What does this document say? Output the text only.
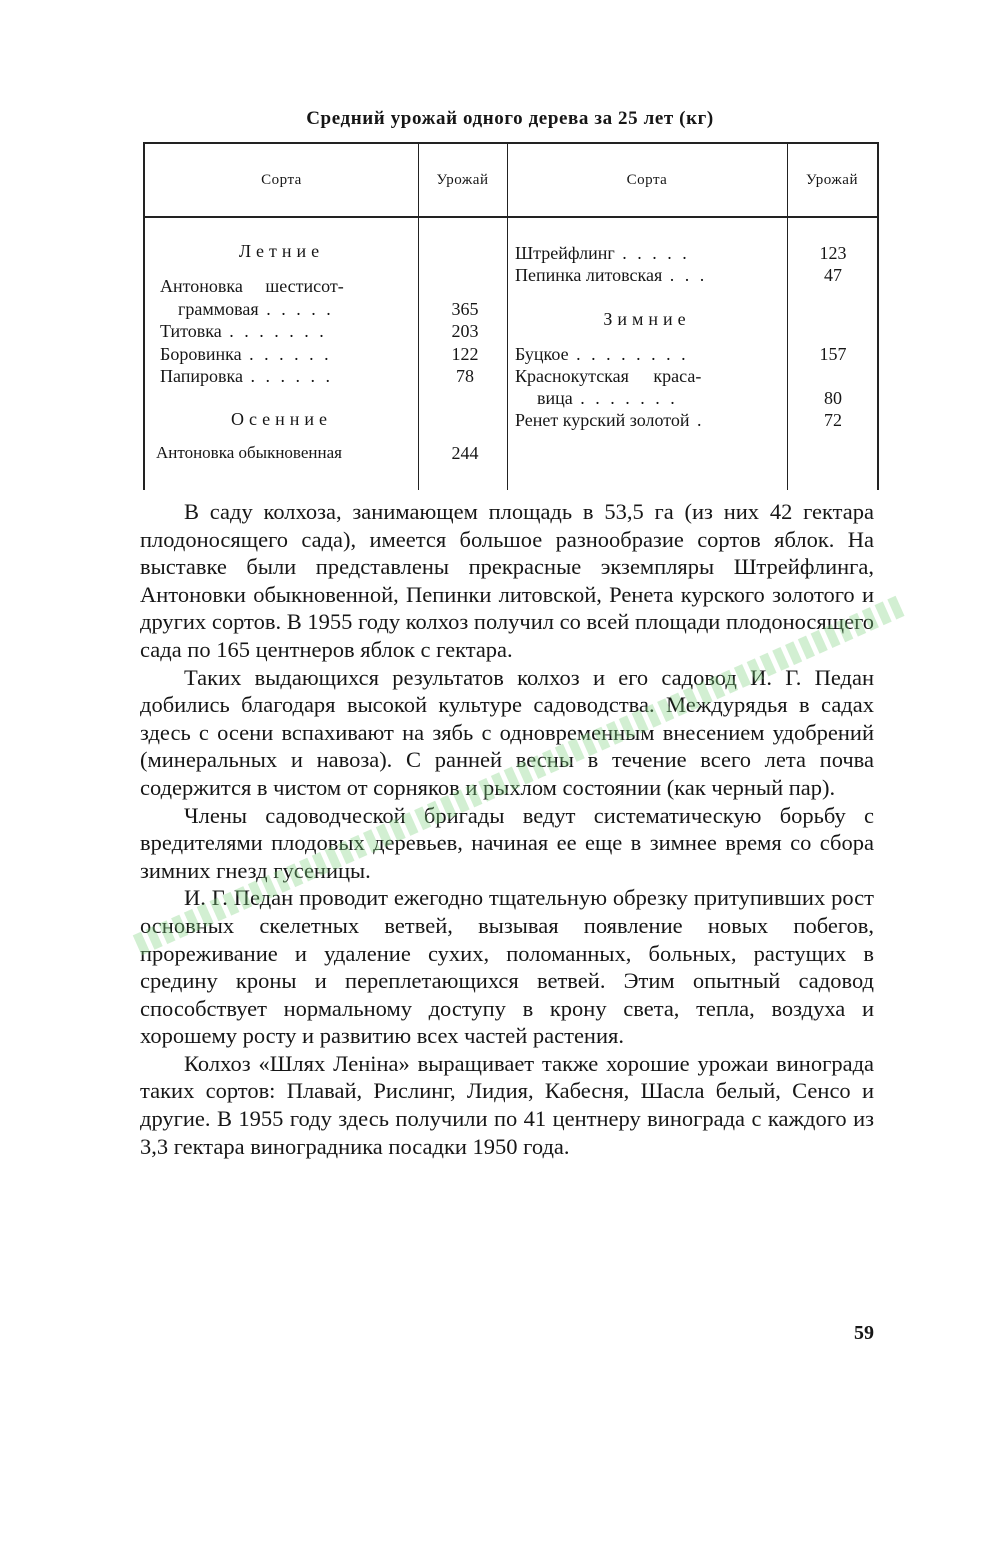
Средний урожай одного дерева за 25 лет (кг)
Сорта	Урожай	Сорта	Урожай
Летние
Антоновка шестисот-
граммовая . . . . .	365
Титовка . . . . . . .	203
Боровинка . . . . . .	122
Папировка . . . . . .	78
Осенние
Антоновка обыкновенная	244
Штрейфлинг . . . . .	123
Пепинка литовская . . .	47
Зимние
Буцкое . . . . . . . .	157
Краснокутская краса-
вица . . . . . . .	80
Ренет курский золотой .	72

В саду колхоза, занимающем площадь в 53,5 га (из них 42 гектара плодоносящего сада), имеется большое разнообразие сортов яблок. На выставке были представлены прекрасные экземпляры Штрейфлинга, Антоновки обыкновенной, Пепинки литовской, Ренета курского золотого и других сортов. В 1955 году колхоз получил со всей площади плодоносящего сада по 165 центнеров яблок с гектара.

Таких выдающихся результатов колхоз и его садовод И. Г. Педан добились благодаря высокой культуре садоводства. Междурядья в садах здесь с осени вспахивают на зябь с одновременным внесением удобрений (минеральных и навоза). С ранней весны в течение всего лета почва содержится в чистом от сорняков и рыхлом состоянии (как черный пар).

Члены садоводческой бригады ведут систематическую борьбу с вредителями плодовых деревьев, начиная ее еще в зимнее время со сбора зимних гнезд гусеницы.

И. Г. Педан проводит ежегодно тщательную обрезку притупивших рост основных скелетных ветвей, вызывая появление новых побегов, прореживание и удаление сухих, поломанных, больных, растущих в средину кроны и переплетающихся ветвей. Этим опытный садовод способствует нормальному доступу в крону света, тепла, воздуха и хорошему росту и развитию всех частей растения.

Колхоз «Шлях Ленiна» выращивает также хорошие урожаи винограда таких сортов: Плавай, Рислинг, Лидия, Кабесня, Шасла белый, Сенсо и другие. В 1955 году здесь получили по 41 центнеру винограда с каждого из 3,3 гектара виноградника посадки 1950 года.

59
